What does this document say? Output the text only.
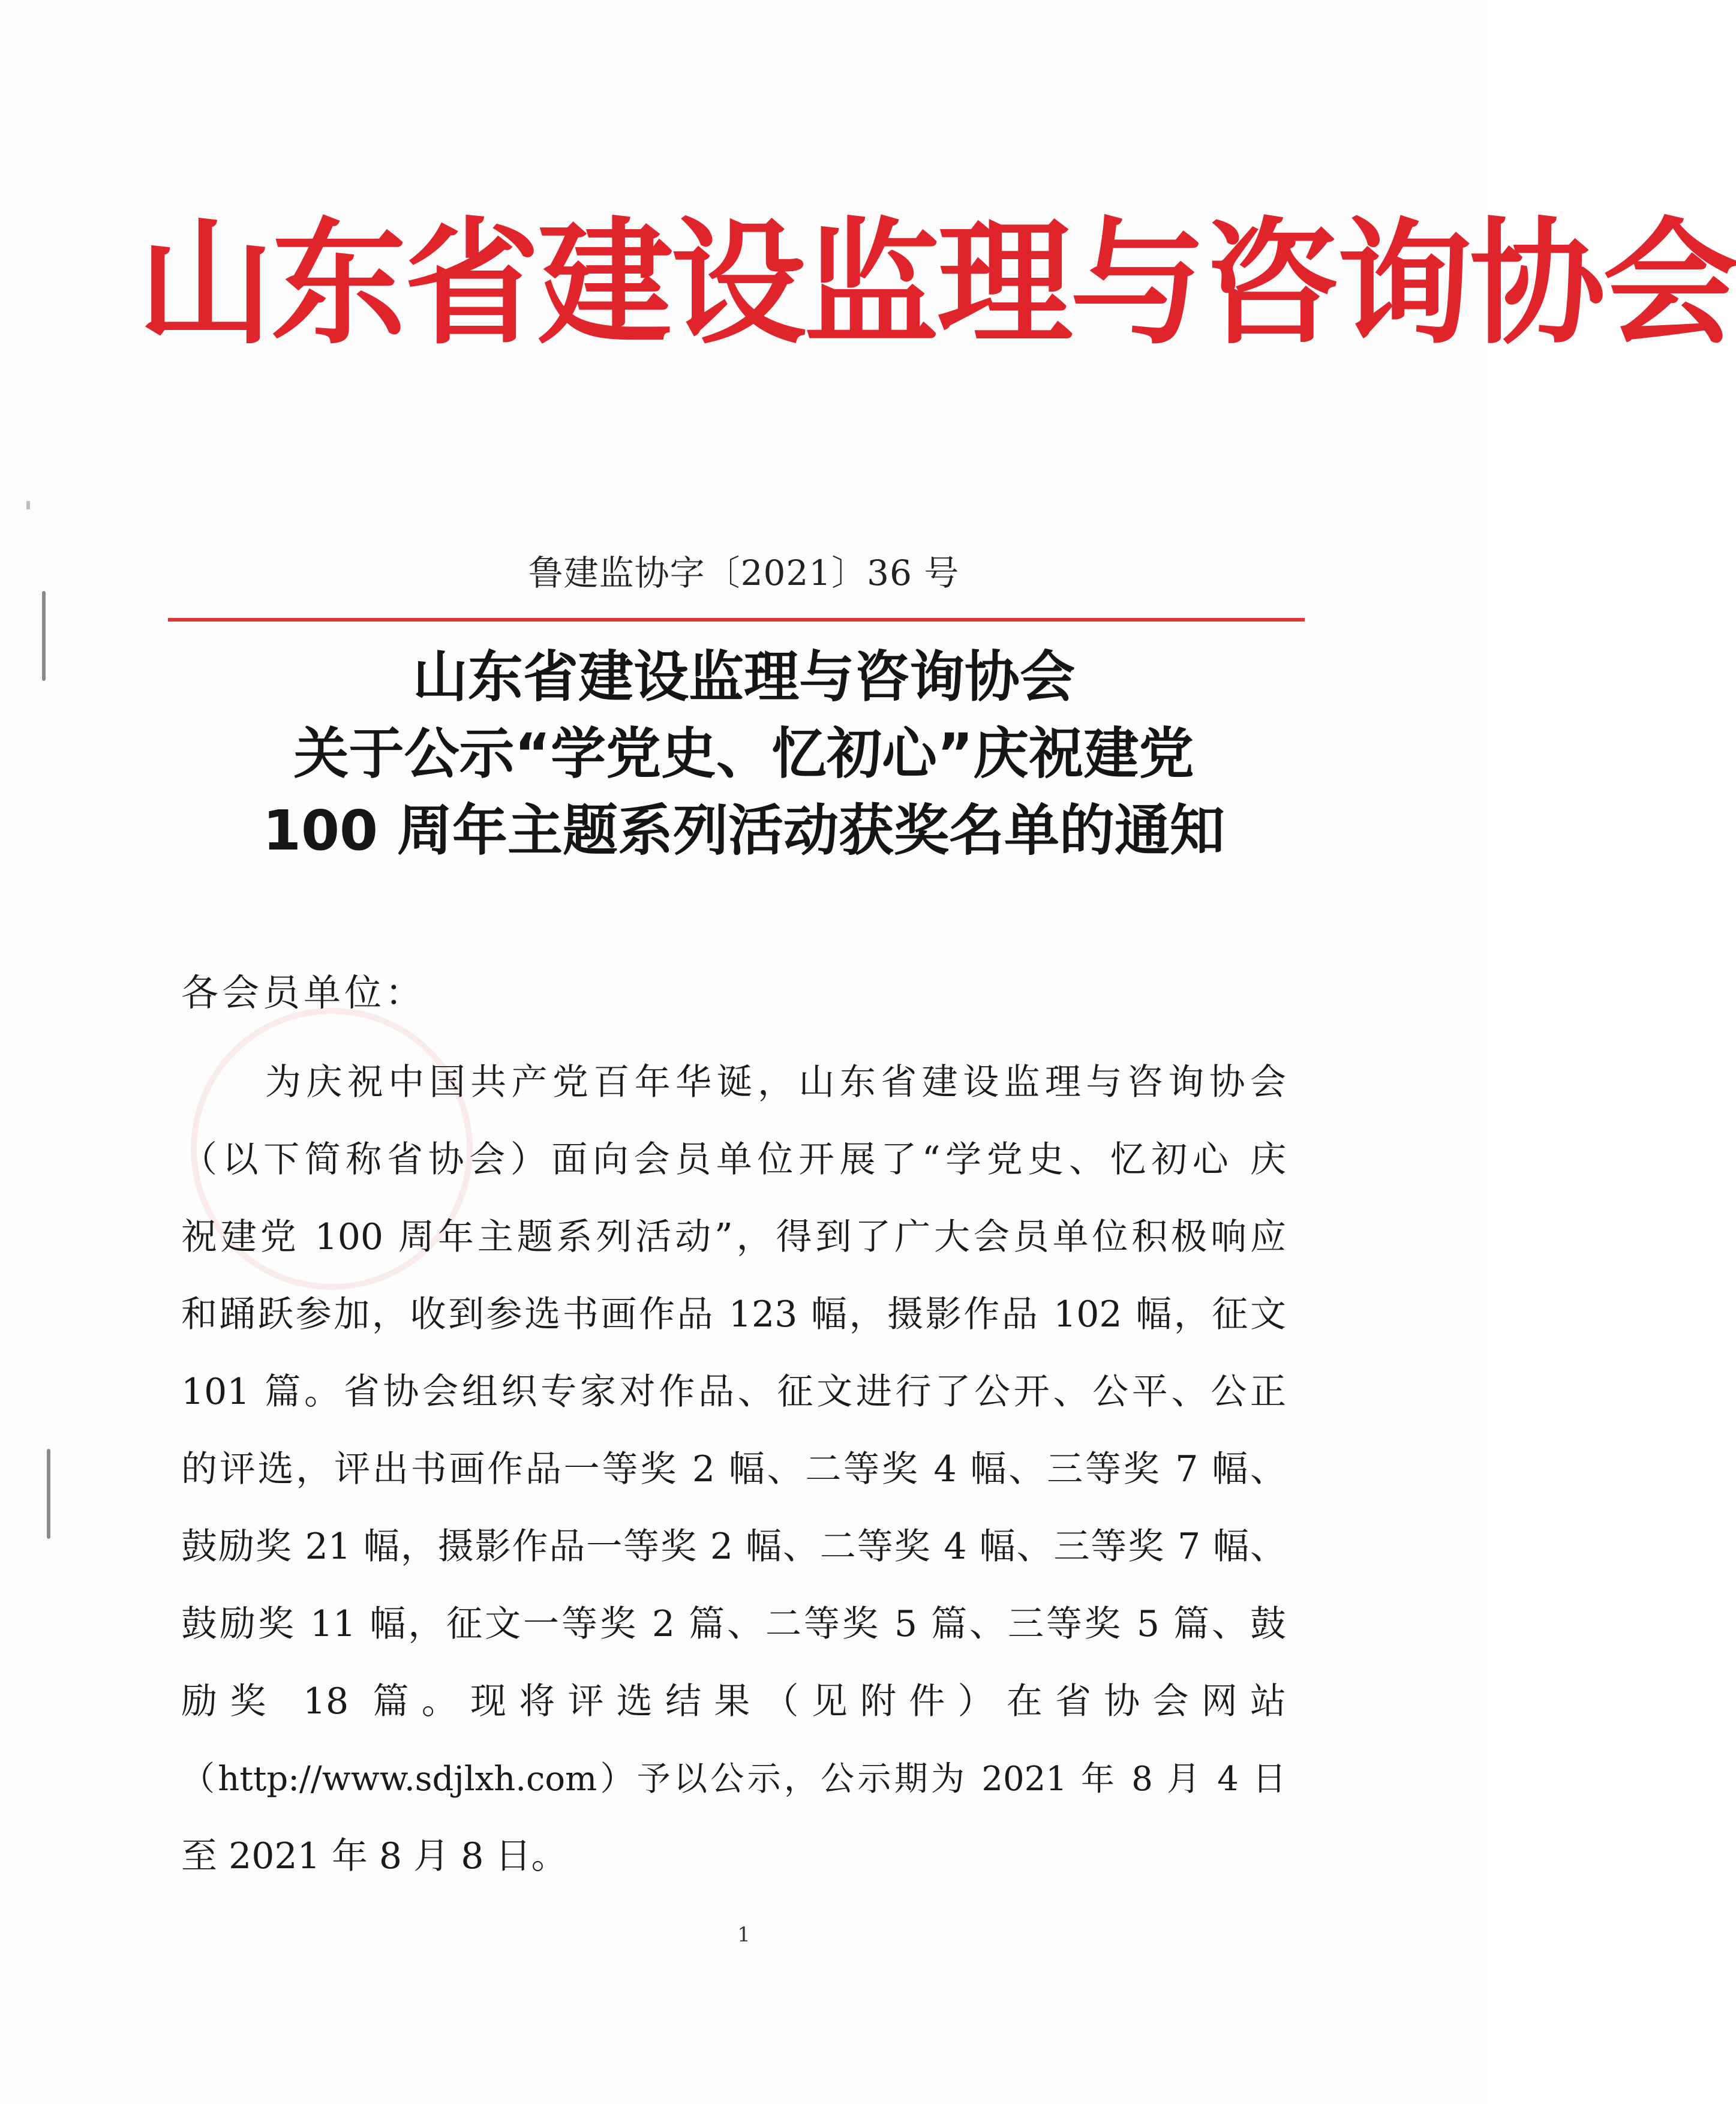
山东省建设监理与咨询协会
鲁建监协字〔2021〕36 号
山东省建设监理与咨询协会
关于公示“学党史、忆初心”庆祝建党
100 周年主题系列活动获奖名单的通知
各会员单位：
为庆祝中国共产党百年华诞，山东省建设监理与咨询协会
（以下简称省协会）面向会员单位开展了“学党史、忆初心 庆
祝建党 100 周年主题系列活动”，得到了广大会员单位积极响应
和踊跃参加，收到参选书画作品 123 幅，摄影作品 102 幅，征文
101 篇。省协会组织专家对作品、征文进行了公开、公平、公正
的评选，评出书画作品一等奖 2 幅、二等奖 4 幅、三等奖 7 幅、
鼓励奖 21 幅，摄影作品一等奖 2 幅、二等奖 4 幅、三等奖 7 幅、
鼓励奖 11 幅，征文一等奖 2 篇、二等奖 5 篇、三等奖 5 篇、鼓
励奖 18 篇。现将评选结果（见附件）在省协会网站
（http://www.sdjlxh.com）予以公示，公示期为 2021 年 8 月 4 日
至 2021 年 8 月 8 日。
1
